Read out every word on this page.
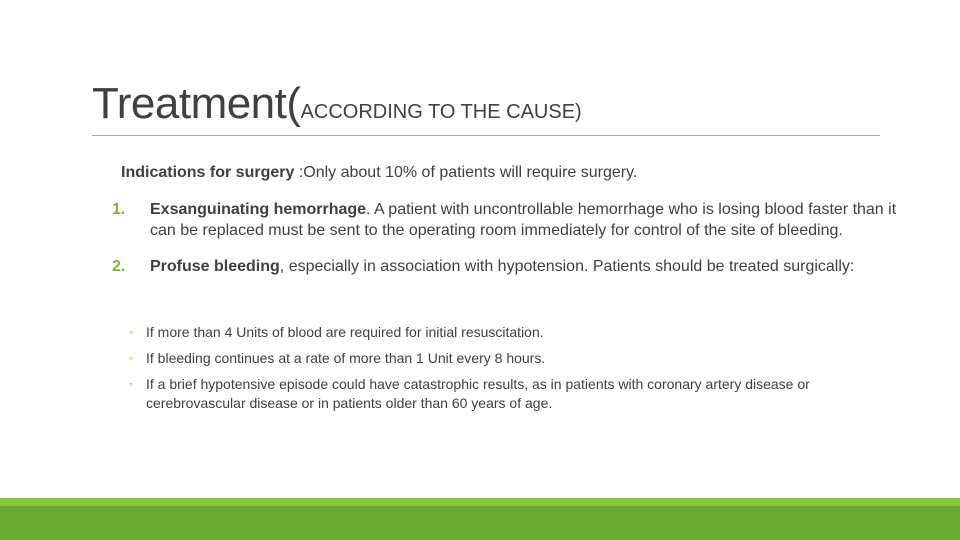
Treatment(ACCORDING TO THE CAUSE)
Indications for surgery :Only about 10% of patients will require surgery.
1. Exsanguinating hemorrhage. A patient with uncontrollable hemorrhage who is losing blood faster than it can be replaced must be sent to the operating room immediately for control of the site of bleeding.
2. Profuse bleeding, especially in association with hypotension. Patients should be treated surgically:
◦ If more than 4 Units of blood are required for initial resuscitation.
◦ If bleeding continues at a rate of more than 1 Unit every 8 hours.
◦ If a brief hypotensive episode could have catastrophic results, as in patients with coronary artery disease or cerebrovascular disease or in patients older than 60 years of age.
